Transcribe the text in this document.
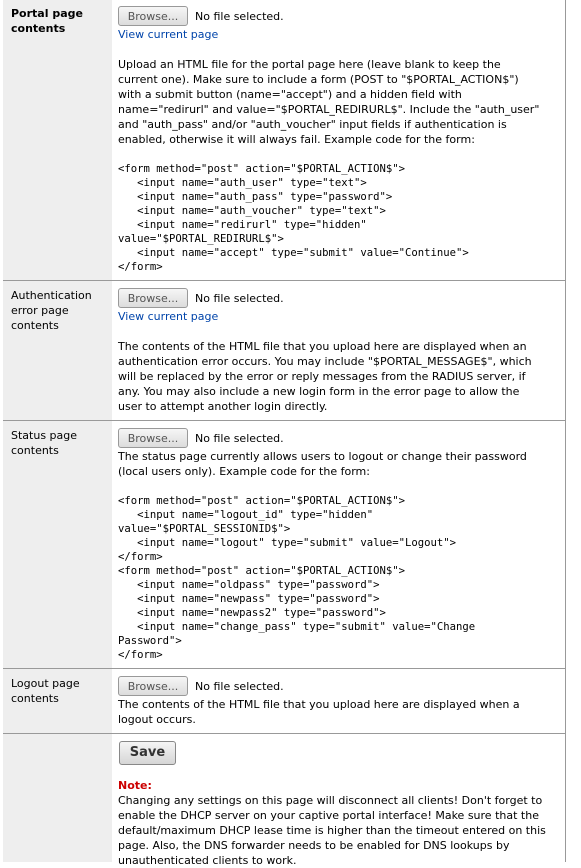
Portal page
contents
Browse...	No file selected.
View current page
Upload an HTML file for the portal page here (leave blank to keep the
current one). Make sure to include a form (POST to "$PORTAL_ACTION$")
with a submit button (name="accept") and a hidden field with
name="redirurl" and value="$PORTAL_REDIRURL$". Include the "auth_user"
and "auth_pass" and/or "auth_voucher" input fields if authentication is
enabled, otherwise it will always fail. Example code for the form:
<form method="post" action="$PORTAL_ACTION$">
<input name="auth_user" type="text">
<input name="auth_pass" type="password">
<input name="auth_voucher" type="text">
<input name="redirurl" type="hidden"
value="$PORTAL_REDIRURL$">
<input name="accept" type="submit" value="Continue">
</form>
Authentication
error page
contents
Browse...	No file selected.
View current page
The contents of the HTML file that you upload here are displayed when an
authentication error occurs. You may include "$PORTAL_MESSAGE$", which
will be replaced by the error or reply messages from the RADIUS server, if
any. You may also include a new login form in the error page to allow the
user to attempt another login directly.
Status page
contents
Browse...	No file selected.
The status page currently allows users to logout or change their password
(local users only). Example code for the form:
<form method="post" action="$PORTAL_ACTION$">
<input name="logout_id" type="hidden"
value="$PORTAL_SESSIONID$">
<input name="logout" type="submit" value="Logout">
</form>
<form method="post" action="$PORTAL_ACTION$">
<input name="oldpass" type="password">
<input name="newpass" type="password">
<input name="newpass2" type="password">
<input name="change_pass" type="submit" value="Change
Password">
</form>
Logout page
contents
Browse...	No file selected.
The contents of the HTML file that you upload here are displayed when a
logout occurs.
Save
Note:
Changing any settings on this page will disconnect all clients! Don't forget to
enable the DHCP server on your captive portal interface! Make sure that the
default/maximum DHCP lease time is higher than the timeout entered on this
page. Also, the DNS forwarder needs to be enabled for DNS lookups by
unauthenticated clients to work.
